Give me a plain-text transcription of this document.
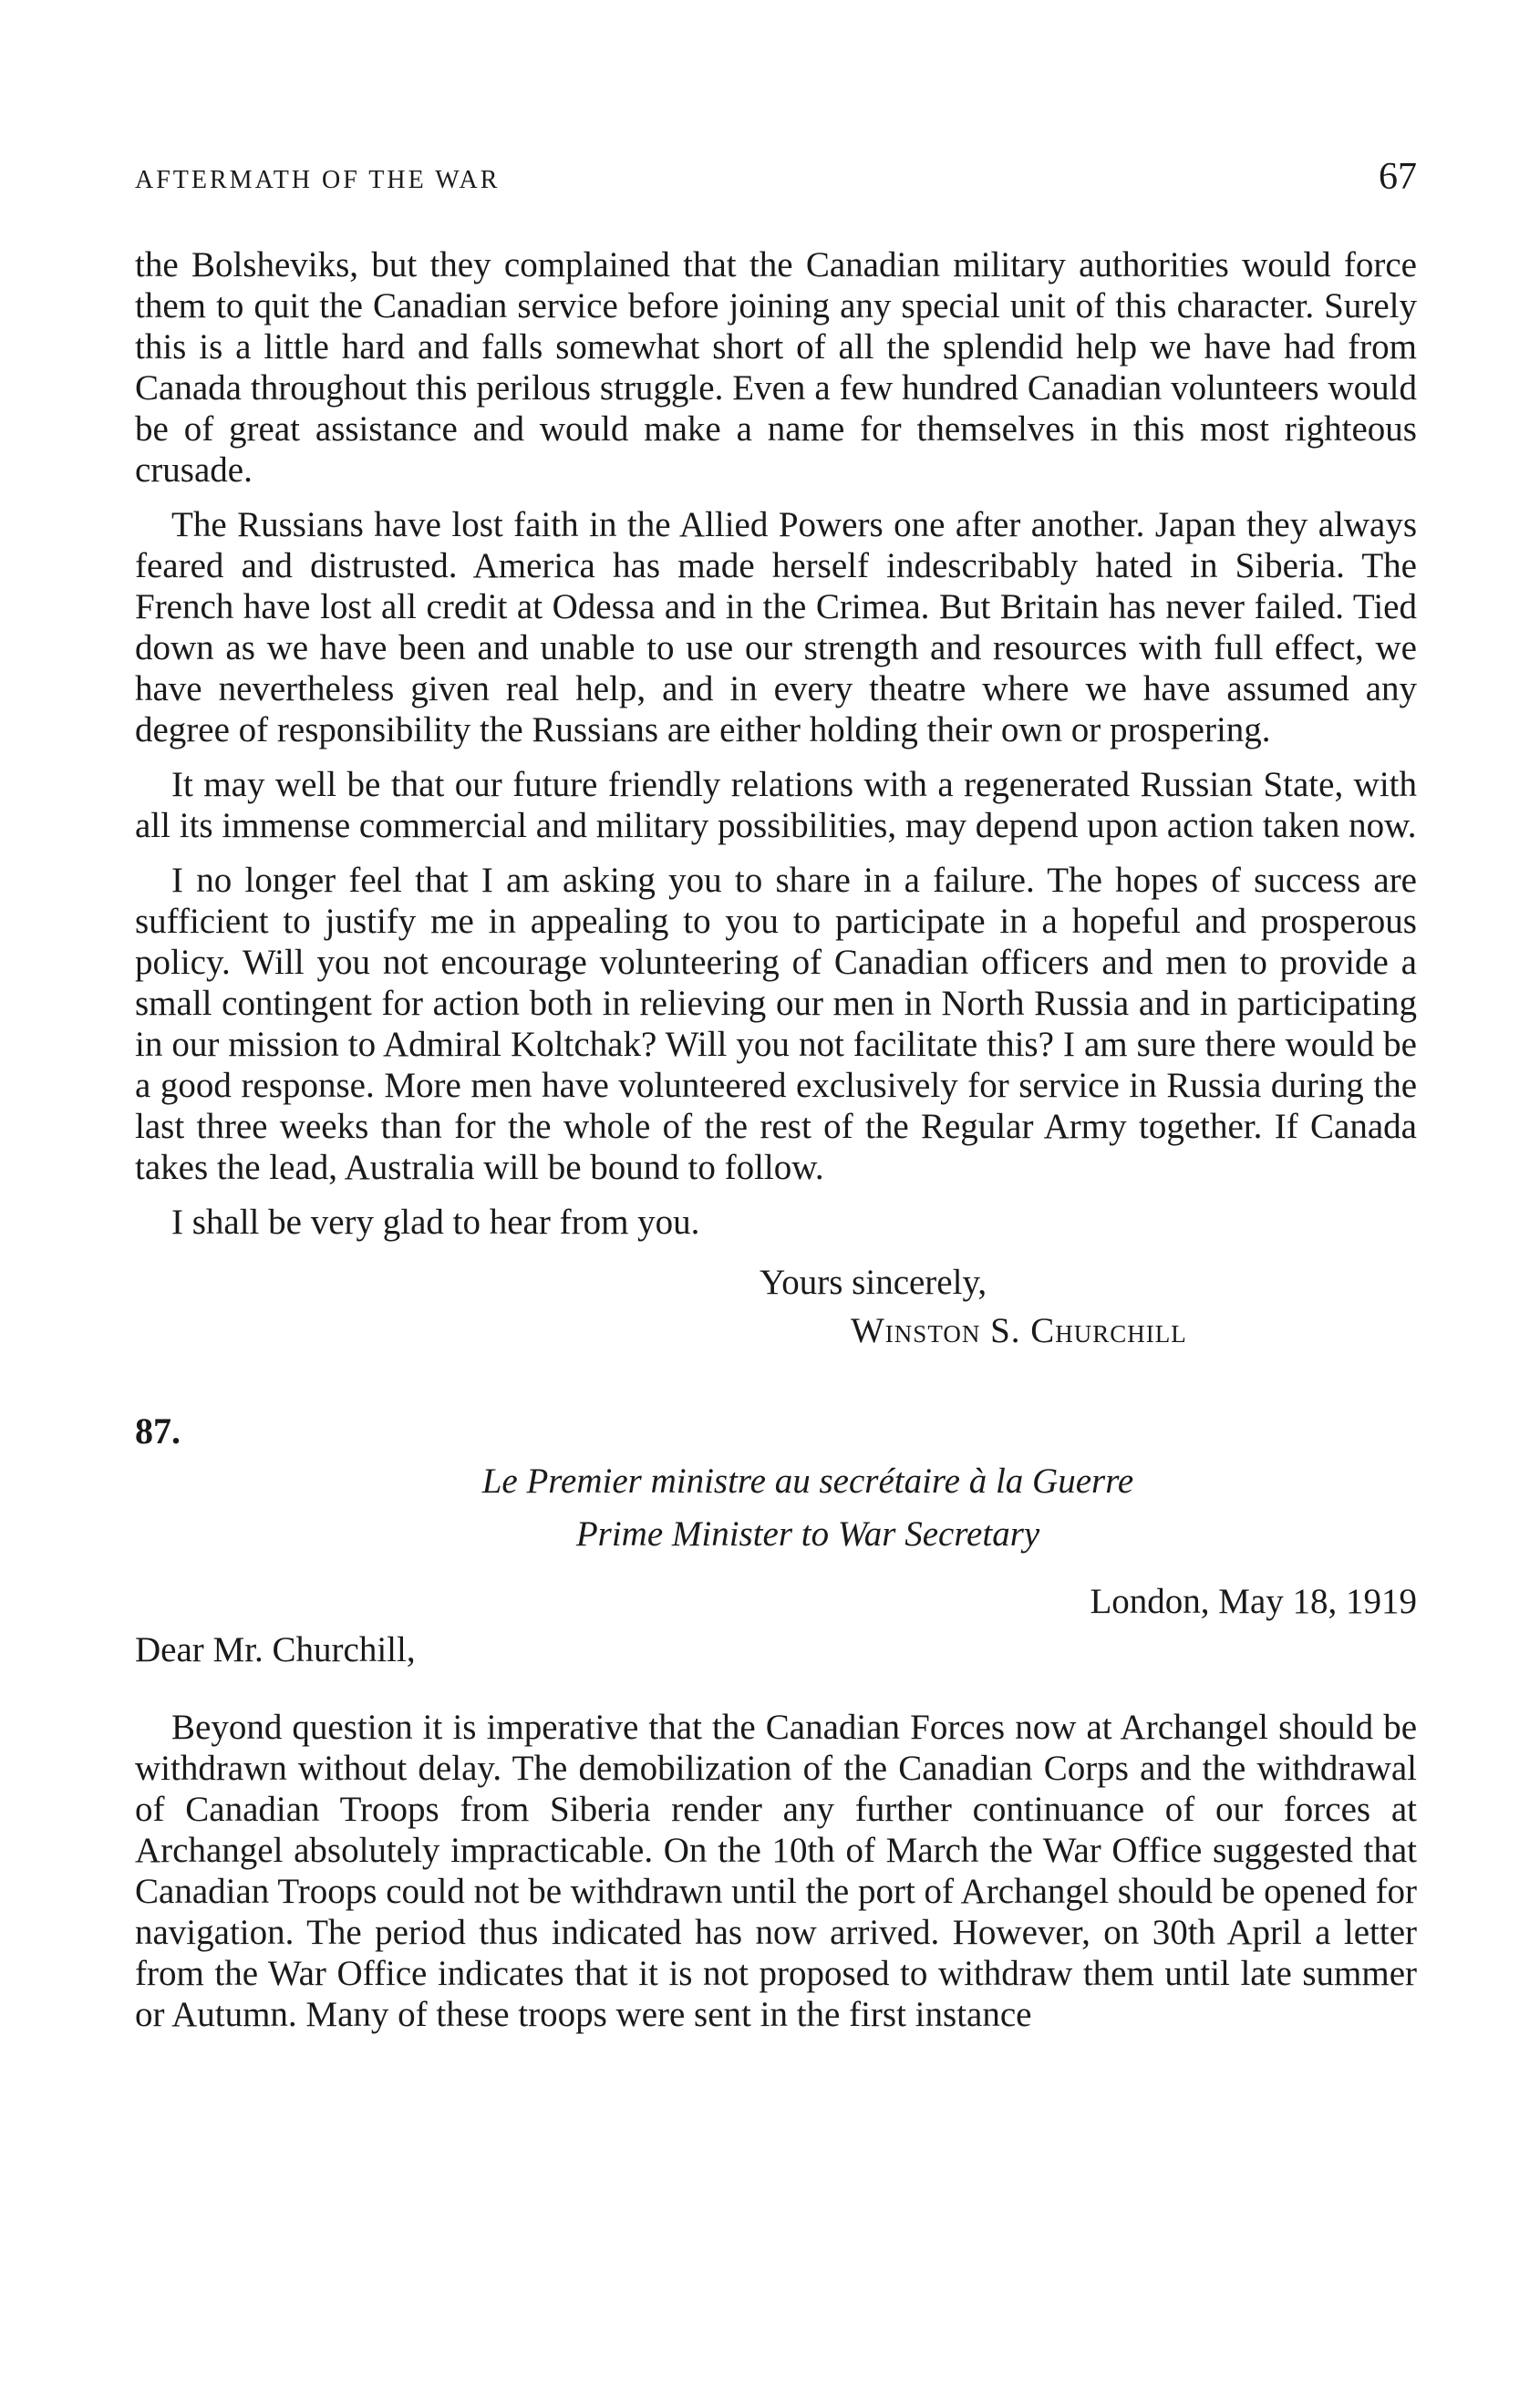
AFTERMATH OF THE WAR	67

the Bolsheviks, but they complained that the Canadian military authorities would force them to quit the Canadian service before joining any special unit of this character. Surely this is a little hard and falls somewhat short of all the splendid help we have had from Canada throughout this perilous struggle. Even a few hundred Canadian volunteers would be of great assistance and would make a name for themselves in this most righteous crusade.

The Russians have lost faith in the Allied Powers one after another. Japan they always feared and distrusted. America has made herself indescribably hated in Siberia. The French have lost all credit at Odessa and in the Crimea. But Britain has never failed. Tied down as we have been and unable to use our strength and resources with full effect, we have nevertheless given real help, and in every theatre where we have assumed any degree of responsibility the Russians are either holding their own or prospering.

It may well be that our future friendly relations with a regenerated Russian State, with all its immense commercial and military possibilities, may depend upon action taken now.

I no longer feel that I am asking you to share in a failure. The hopes of success are sufficient to justify me in appealing to you to participate in a hopeful and prosperous policy. Will you not encourage volunteering of Canadian officers and men to provide a small contingent for action both in relieving our men in North Russia and in participating in our mission to Admiral Koltchak? Will you not facilitate this? I am sure there would be a good response. More men have volunteered exclusively for service in Russia during the last three weeks than for the whole of the rest of the Regular Army together. If Canada takes the lead, Australia will be bound to follow.

I shall be very glad to hear from you.

Yours sincerely,
Winston S. Churchill
87.
Le Premier ministre au secrétaire à la Guerre
Prime Minister to War Secretary
London, May 18, 1919
Dear Mr. Churchill,

Beyond question it is imperative that the Canadian Forces now at Archangel should be withdrawn without delay. The demobilization of the Canadian Corps and the withdrawal of Canadian Troops from Siberia render any further continuance of our forces at Archangel absolutely impracticable. On the 10th of March the War Office suggested that Canadian Troops could not be withdrawn until the port of Archangel should be opened for navigation. The period thus indicated has now arrived. However, on 30th April a letter from the War Office indicates that it is not proposed to withdraw them until late summer or Autumn. Many of these troops were sent in the first instance
